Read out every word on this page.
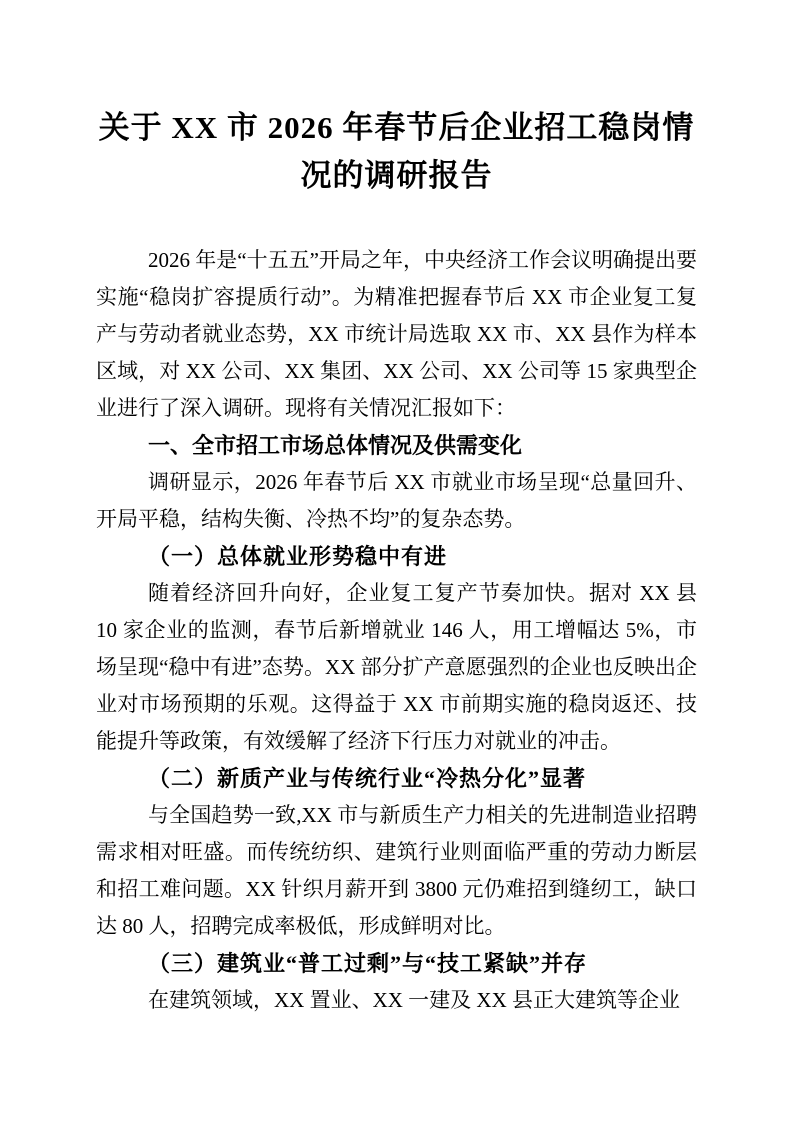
关于 XX 市 2026 年春节后企业招工稳岗情况的调研报告

2026 年是“十五五”开局之年，中央经济工作会议明确提出要实施“稳岗扩容提质行动”。为精准把握春节后 XX 市企业复工复产与劳动者就业态势，XX 市统计局选取 XX 市、XX 县作为样本区域，对 XX 公司、XX 集团、XX 公司、XX 公司等 15 家典型企业进行了深入调研。现将有关情况汇报如下：

一、全市招工市场总体情况及供需变化

调研显示，2026 年春节后 XX 市就业市场呈现“总量回升、开局平稳，结构失衡、冷热不均”的复杂态势。

（一）总体就业形势稳中有进

随着经济回升向好，企业复工复产节奏加快。据对 XX 县 10 家企业的监测，春节后新增就业 146 人，用工增幅达 5%，市场呈现“稳中有进”态势。XX 部分扩产意愿强烈的企业也反映出企业对市场预期的乐观。这得益于 XX 市前期实施的稳岗返还、技能提升等政策，有效缓解了经济下行压力对就业的冲击。

（二）新质产业与传统行业“冷热分化”显著

与全国趋势一致,XX 市与新质生产力相关的先进制造业招聘需求相对旺盛。而传统纺织、建筑行业则面临严重的劳动力断层和招工难问题。XX 针织月薪开到 3800 元仍难招到缝纫工，缺口达 80 人，招聘完成率极低，形成鲜明对比。

（三）建筑业“普工过剩”与“技工紧缺”并存

在建筑领域，XX 置业、XX 一建及 XX 县正大建筑等企业
